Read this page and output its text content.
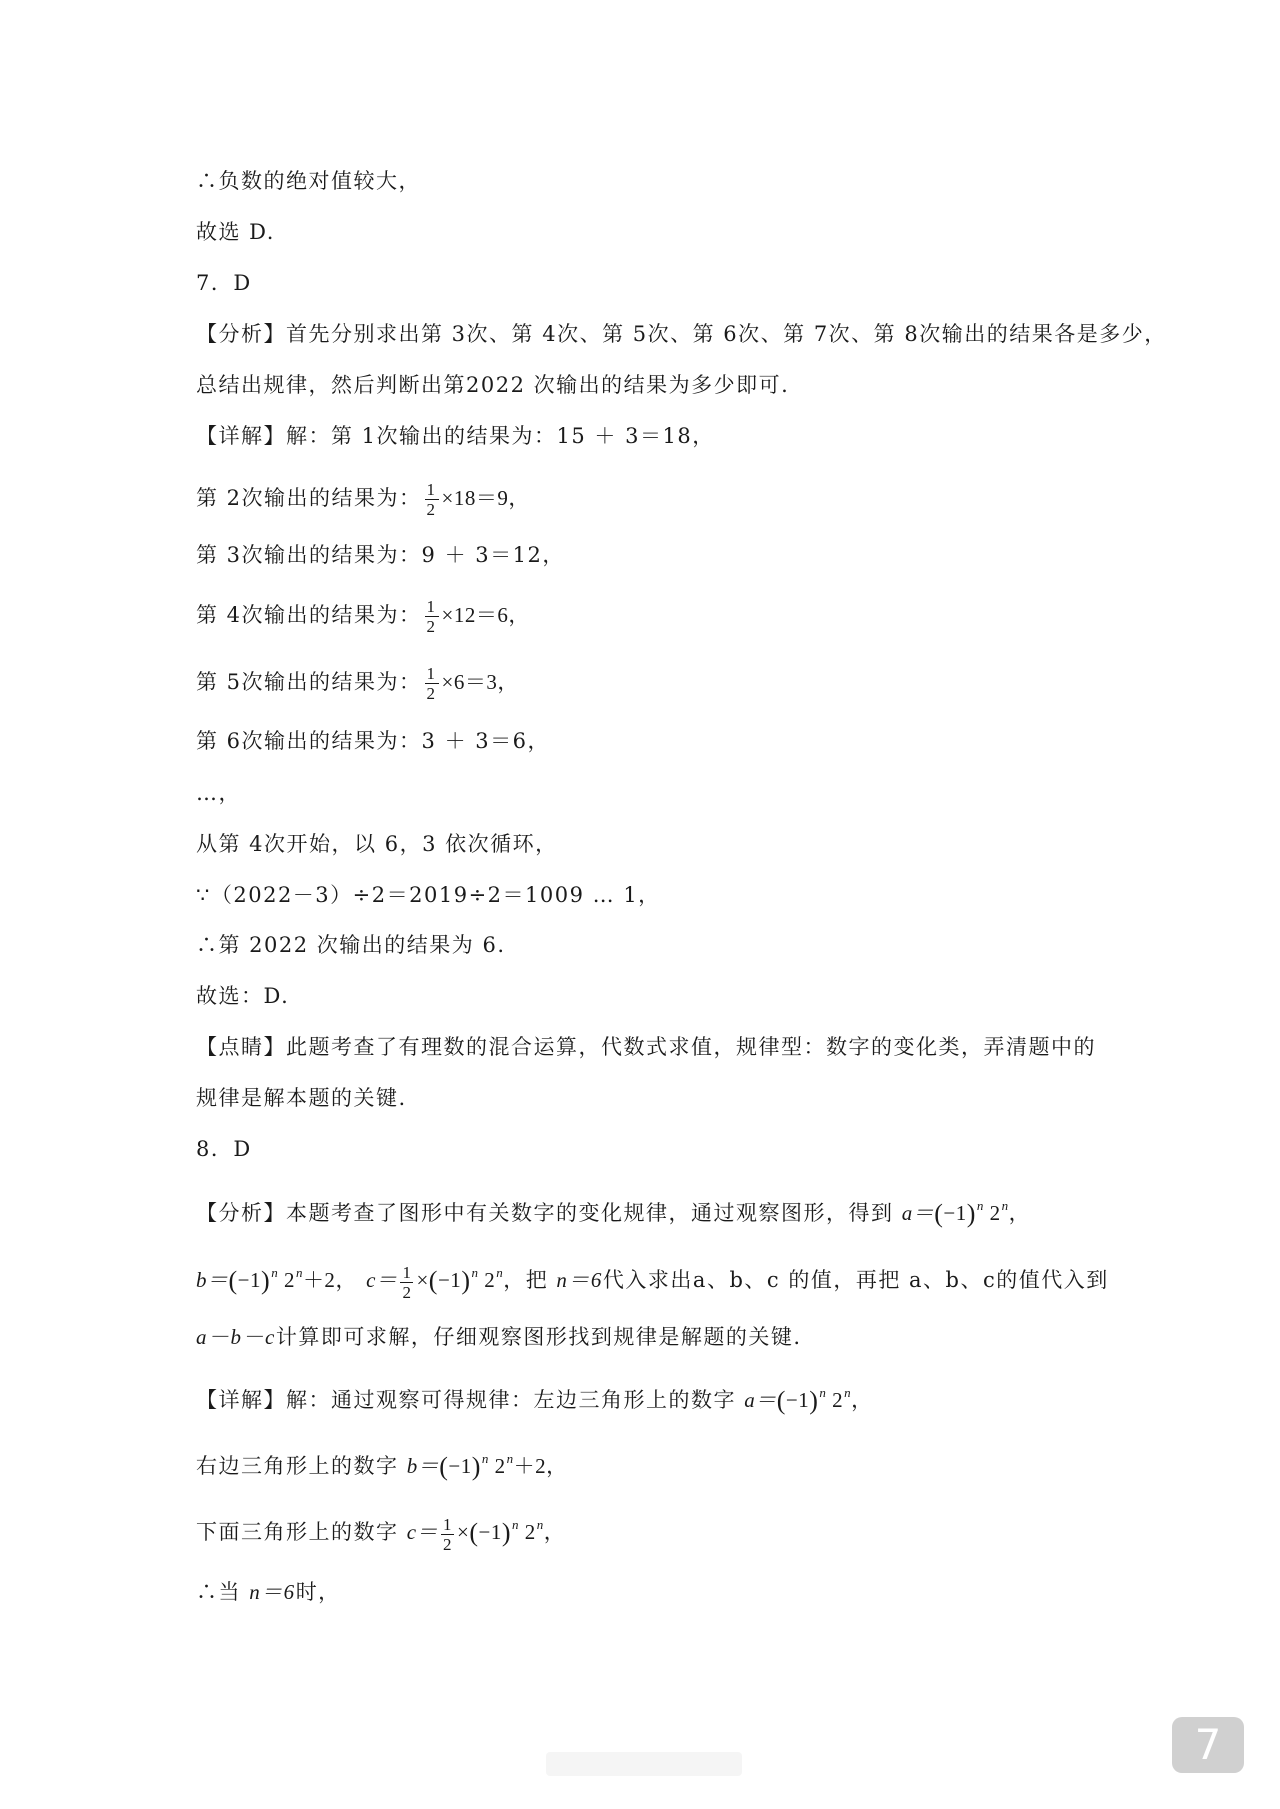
∴负数的绝对值较大，
故选 D.
7．D
【分析】首先分别求出第 3次、第 4次、第 5次、第 6次、第 7次、第 8次输出的结果各是多少，
总结出规律，然后判断出第2022 次输出的结果为多少即可.
【详解】解：第 1次输出的结果为：15 ＋ 3＝18，
第 2次输出的结果为： $\frac{1}{2} \times 18=9$，
第 3次输出的结果为：9 ＋ 3＝12，
第 4次输出的结果为： $\frac{1}{2} \times 12=6$，
第 5次输出的结果为： $\frac{1}{2} \times 6=3$，
第 6次输出的结果为：3 ＋ 3＝6，
…，
从第 4次开始，以 6，3 依次循环，
∵（2022－3）÷2＝2019÷2＝1009 … 1，
∴第 2022 次输出的结果为 6.
故选：D.
【点睛】此题考查了有理数的混合运算，代数式求值，规律型：数字的变化类，弄清题中的
规律是解本题的关键.
8．D
【分析】本题考查了图形中有关数字的变化规律，通过观察图形，得到 $a=(-1)^n$ 2$^n$，
$b=(-1)^n$ $2^n+2$， $c= \frac{1}{2} \times(-1)^n$ 2$^n$，把 n＝6代入求出a、b、c 的值，再把 a、b、c的值代入到
a－b－c计算即可求解，仔细观察图形找到规律是解题的关键.
【详解】解：通过观察可得规律：左边三角形上的数字 $a=(-1)^n$ 2$^n$，
右边三角形上的数字 $b=(-1)^n$ $2^n+2$，
下面三角形上的数字 $c= \frac{1}{2} \times(-1)^n$ 2$^n$，
∴当 n＝6时，
7
